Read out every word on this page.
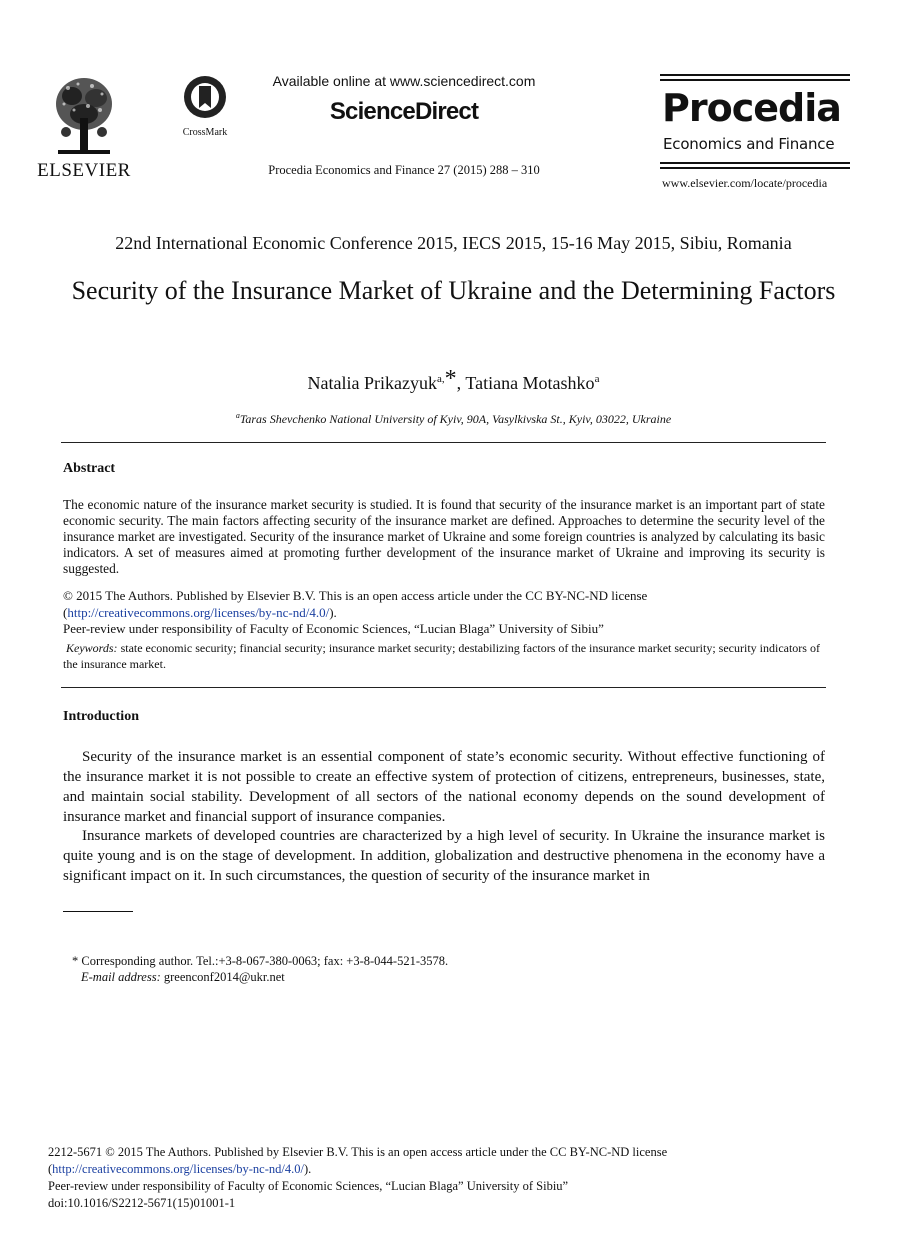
ELSEVIER
CrossMark
Available online at www.sciencedirect.com
ScienceDirect
Procedia Economics and Finance 27 (2015) 288 – 310
Procedia
Economics and Finance
www.elsevier.com/locate/procedia
22nd International Economic Conference 2015, IECS 2015, 15-16 May 2015, Sibiu, Romania
Security of the Insurance Market of Ukraine and the Determining Factors
Natalia Prikazyuk$^{a,}$*, Tatiana Motashko$^a$
$^a$Taras Shevchenko National University of Kyiv, 90A, Vasylkivska St., Kyiv, 03022, Ukraine
Abstract
The economic nature of the insurance market security is studied. It is found that security of the insurance market is an important part of state economic security. The main factors affecting security of the insurance market are defined. Approaches to determine the security level of the insurance market are investigated. Security of the insurance market of Ukraine and some foreign countries is analyzed by calculating its basic indicators. A set of measures aimed at promoting further development of the insurance market of Ukraine and improving its security is suggested.
© 2015 The Authors. Published by Elsevier B.V. This is an open access article under the CC BY-NC-ND license
(http://creativecommons.org/licenses/by-nc-nd/4.0/).
Peer-review under responsibility of Faculty of Economic Sciences, “Lucian Blaga” University of Sibiu”
Keywords: state economic security; financial security; insurance market security; destabilizing factors of the insurance market security; security indicators of the insurance market.
Introduction
Security of the insurance market is an essential component of state’s economic security. Without effective functioning of the insurance market it is not possible to create an effective system of protection of citizens, entrepreneurs, businesses, state, and maintain social stability. Development of all sectors of the national economy depends on the sound development of insurance market and financial support of insurance companies.
Insurance markets of developed countries are characterized by a high level of security. In Ukraine the insurance market is quite young and is on the stage of development. In addition, globalization and destructive phenomena in the economy have a significant impact on it. In such circumstances, the question of security of the insurance market in
* Corresponding author. Tel.:+3-8-067-380-0063; fax: +3-8-044-521-3578.
E-mail address: greenconf2014@ukr.net
2212-5671 © 2015 The Authors. Published by Elsevier B.V. This is an open access article under the CC BY-NC-ND license
(http://creativecommons.org/licenses/by-nc-nd/4.0/).
Peer-review under responsibility of Faculty of Economic Sciences, “Lucian Blaga” University of Sibiu”
doi:10.1016/S2212-5671(15)01001-1
